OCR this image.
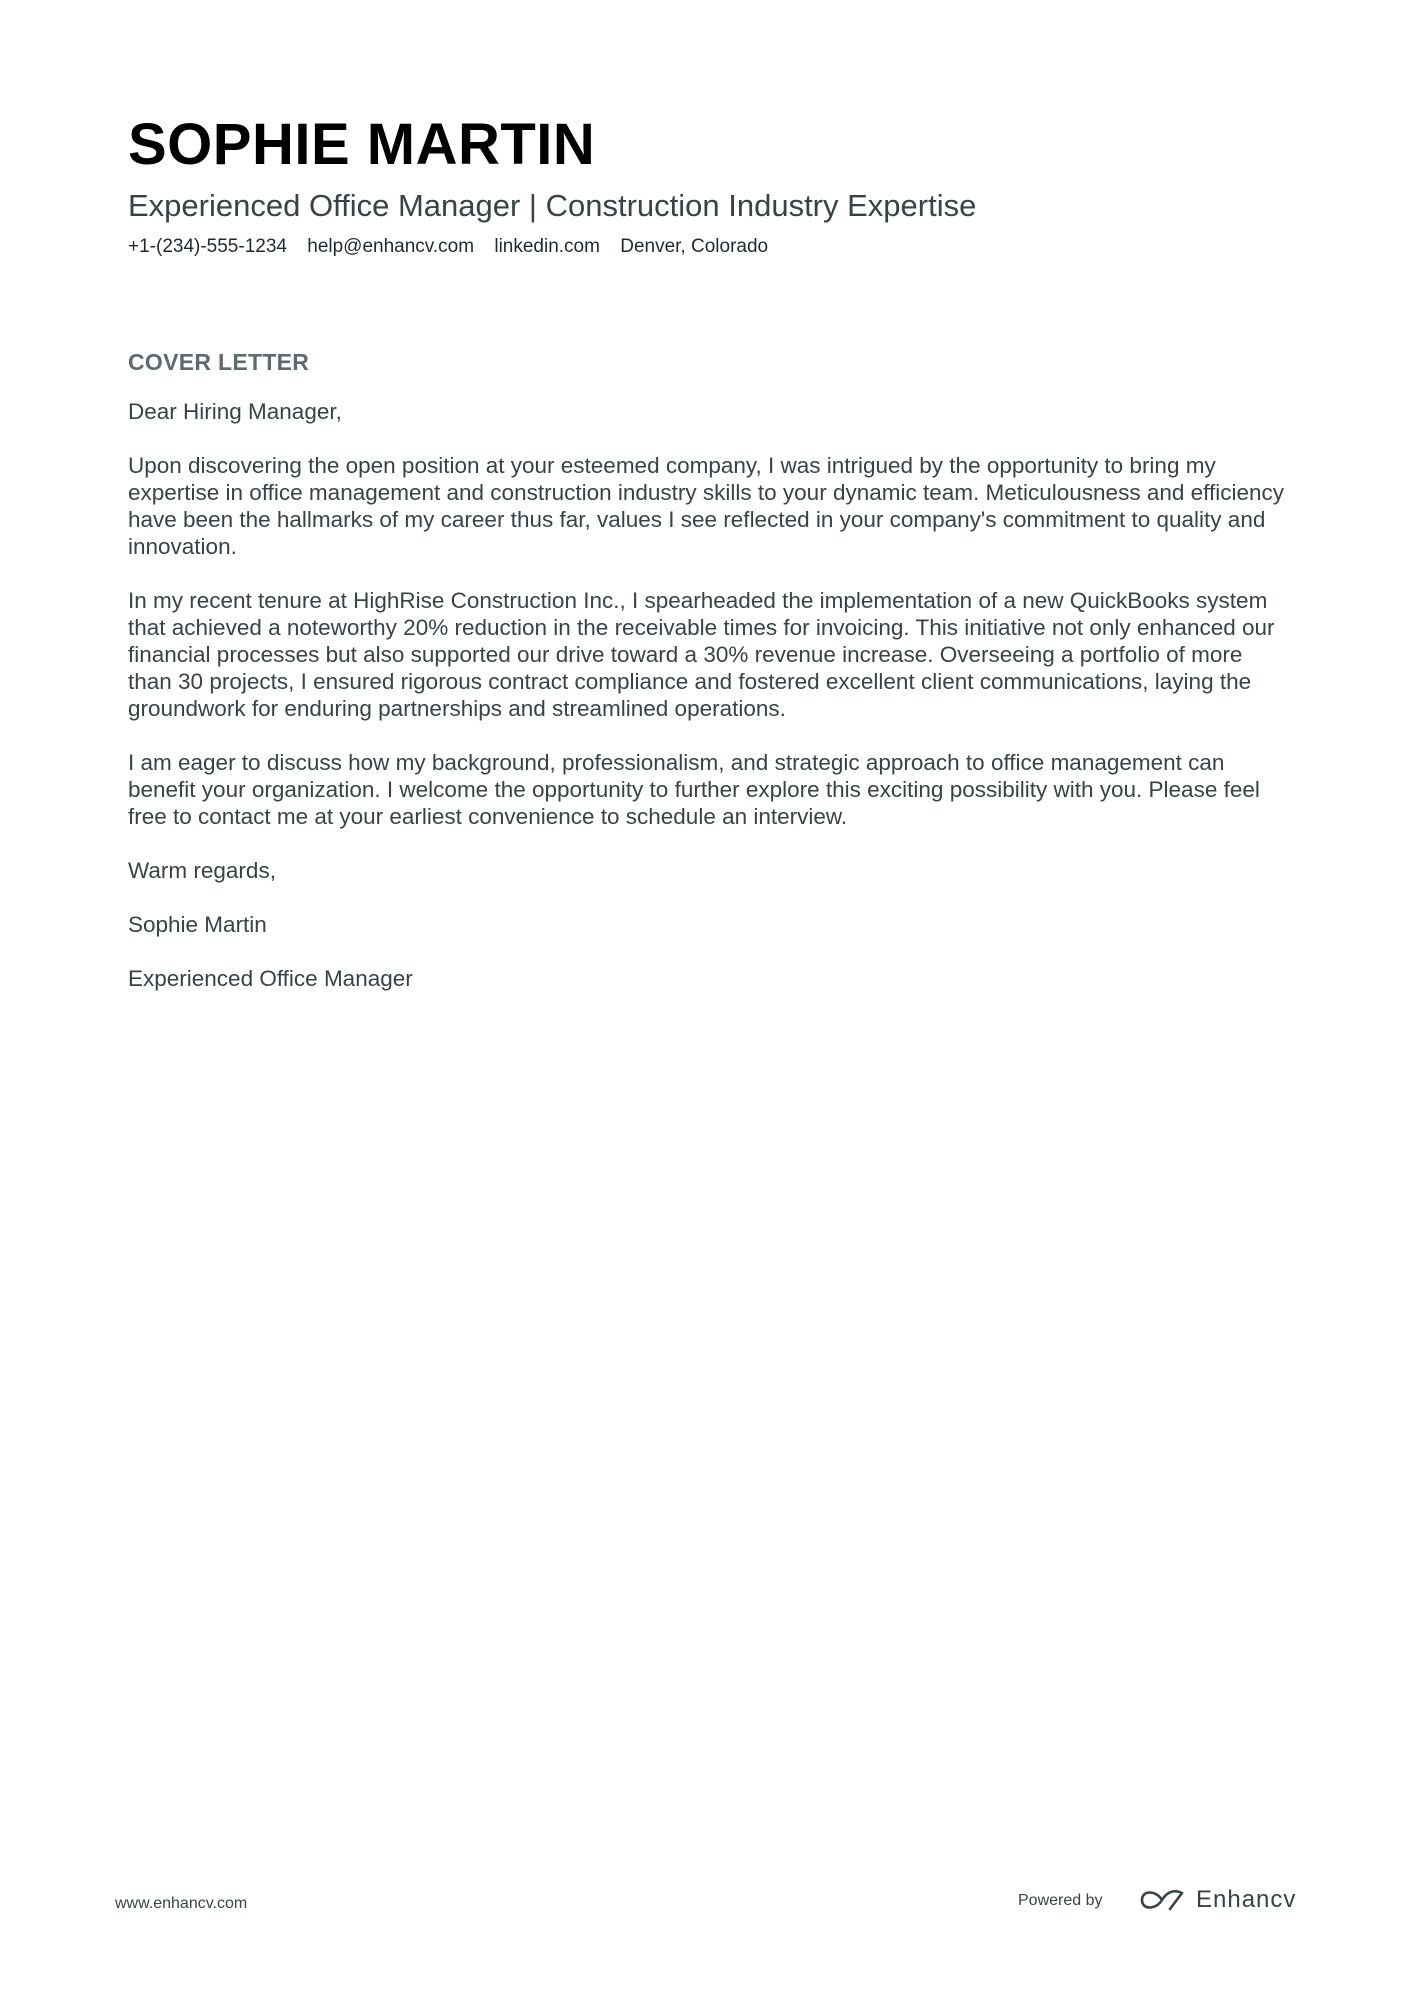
SOPHIE MARTIN
Experienced Office Manager | Construction Industry Expertise
+1-(234)-555-1234 help@enhancv.com linkedin.com Denver, Colorado
COVER LETTER

Dear Hiring Manager,

Upon discovering the open position at your esteemed company, I was intrigued by the opportunity to bring my expertise in office management and construction industry skills to your dynamic team. Meticulousness and efficiency have been the hallmarks of my career thus far, values I see reflected in your company's commitment to quality and innovation.

In my recent tenure at HighRise Construction Inc., I spearheaded the implementation of a new QuickBooks system that achieved a noteworthy 20% reduction in the receivable times for invoicing. This initiative not only enhanced our financial processes but also supported our drive toward a 30% revenue increase. Overseeing a portfolio of more than 30 projects, I ensured rigorous contract compliance and fostered excellent client communications, laying the groundwork for enduring partnerships and streamlined operations.

I am eager to discuss how my background, professionalism, and strategic approach to office management can benefit your organization. I welcome the opportunity to further explore this exciting possibility with you. Please feel free to contact me at your earliest convenience to schedule an interview.

Warm regards,

Sophie Martin

Experienced Office Manager

www.enhancv.com	Powered by	Enhancv
